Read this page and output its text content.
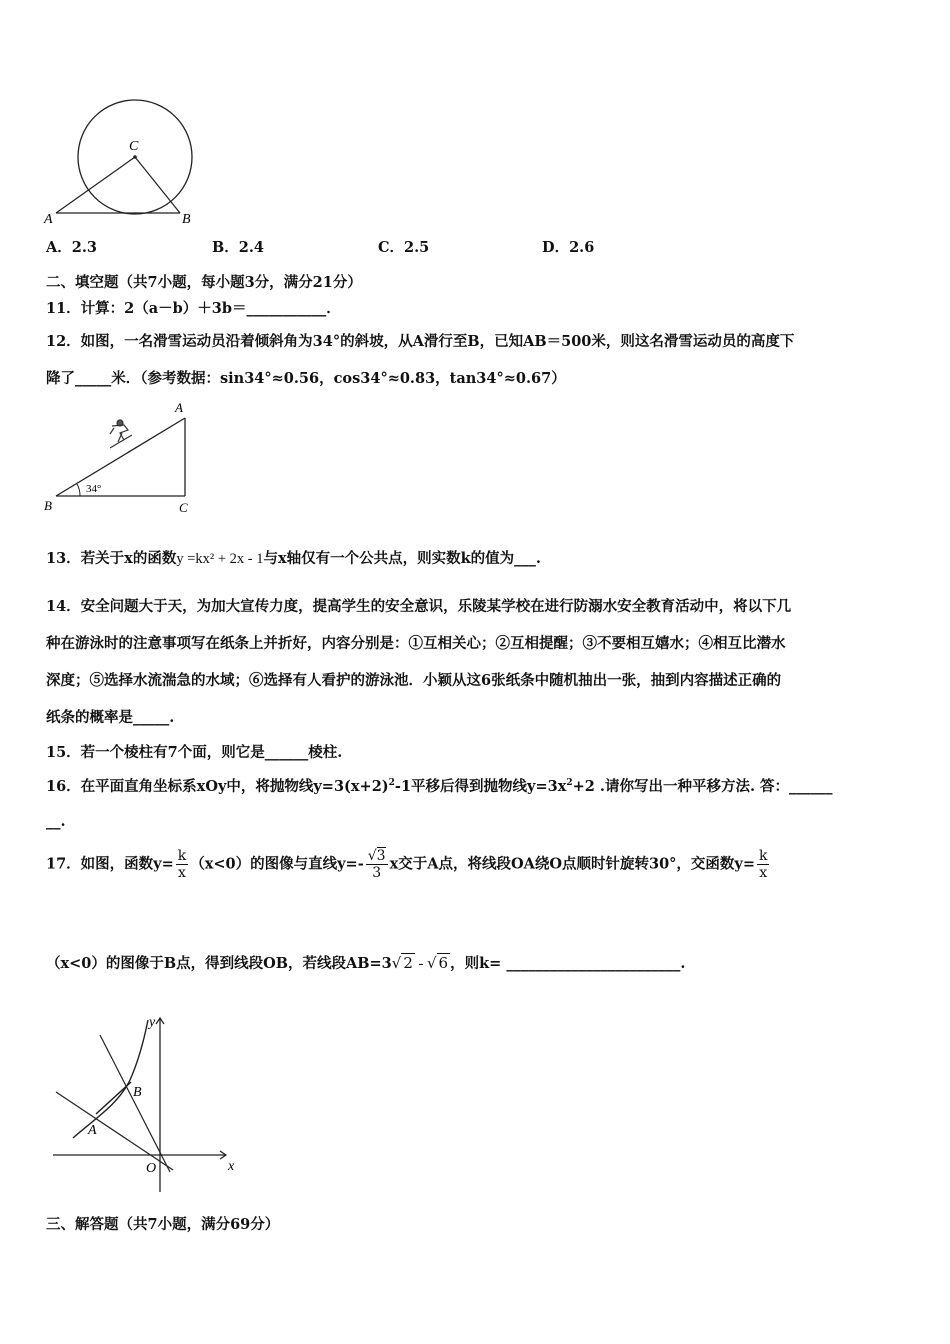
C
A	B
A．2.3	B．2.4	C．2.5	D．2.6
二、填空题（共7小题，每小题3分，满分21分）
11．计算：2（a－b）＋3b＝___________．
12．如图，一名滑雪运动员沿着倾斜角为34°的斜坡，从A滑行至B，已知AB＝500米，则这名滑雪运动员的高度下
降了_____米．（参考数据：sin34°≈0.56，cos34°≈0.83，tan34°≈0.67）
A
B	C
34°
13．若关于x的函数y =kx² + 2x - 1与x轴仅有一个公共点，则实数k的值为___.
14．安全问题大于天，为加大宣传力度，提高学生的安全意识，乐陵某学校在进行防溺水安全教育活动中，将以下几
种在游泳时的注意事项写在纸条上并折好，内容分别是：①互相关心；②互相提醒；③不要相互嬉水；④相互比潜水
深度；⑤选择水流湍急的水域；⑥选择有人看护的游泳池．小颖从这6张纸条中随机抽出一张，抽到内容描述正确的
纸条的概率是_____.
15．若一个棱柱有7个面，则它是______棱柱.
16．在平面直角坐标系xOy中，将抛物线$y=3(x+2)^2-1$平移后得到抛物线$y=3x^2+2$ .请你写出一种平移方法. 答：______
__.
17．如图，函数$y= \frac{k}{x} (x<0)$的图像与直线$y=- \frac{√3}{3}$ x交于A点，将线段OA绕O点顺时针旋转30°，交函数$y= \frac{k}{x}$
（x<0）的图像于B点，得到线段OB，若线段AB=3√ 2 - √ 6 ，则k= ________________________.
y
x
O
A
B
三、解答题（共7小题，满分69分）
